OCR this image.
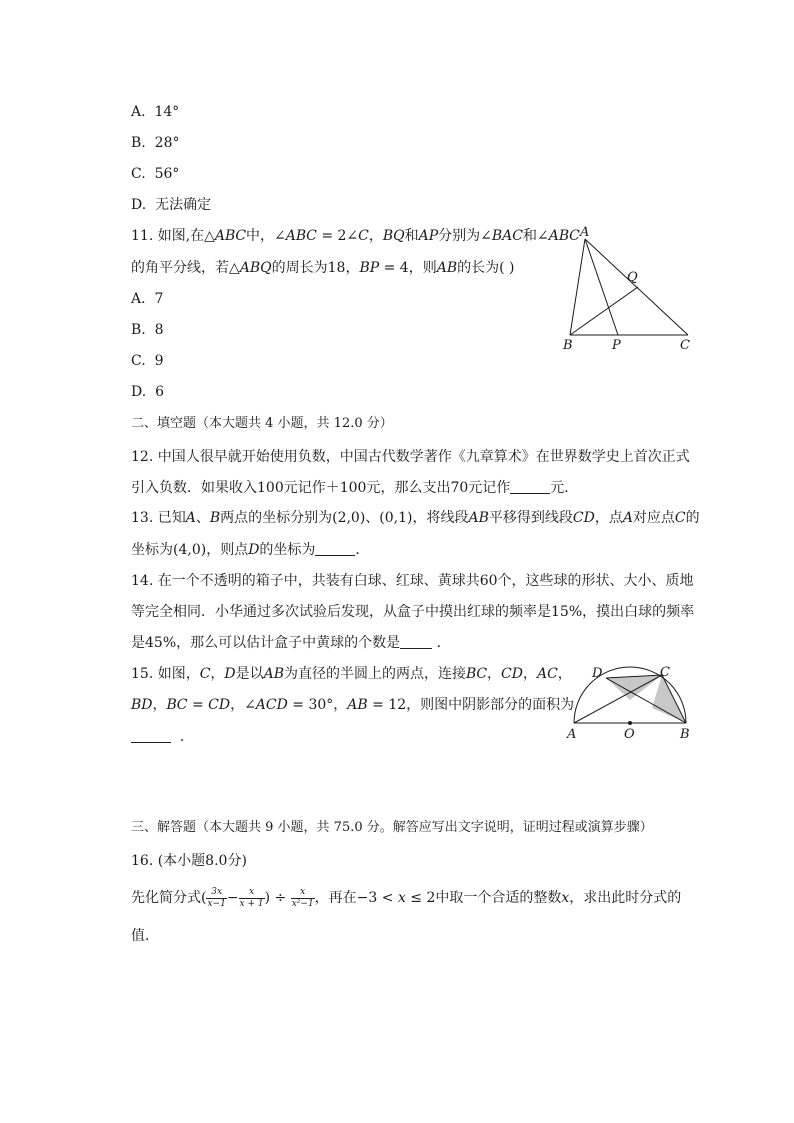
A. 14°
B. 28°
C. 56°
D. 无法确定
11. 如图,在△𝐴𝐵𝐶中，∠𝐴𝐵𝐶 = 2∠𝐶，𝐵𝑄和𝐴𝑃分别为∠𝐵𝐴𝐶和∠𝐴𝐵𝐶
的角平分线，若△𝐴𝐵𝑄的周长为18，𝐵𝑃 = 4，则𝐴𝐵的长为( )
A. 7
B. 8
C. 9
D. 6
A
B	P	C
Q
二、填空题（本大题共 4 小题，共 12.0 分）
12. 中国人很早就开始使用负数，中国古代数学著作《九章算术》在世界数学史上首次正式
引入负数．如果收入100元记作＋100元，那么支出70元记作	元．
13. 已知𝐴、𝐵两点的坐标分别为(2,0)、(0,1)，将线段𝐴𝐵平移得到线段𝐶𝐷，点𝐴对应点𝐶的
坐标为(4,0)，则点𝐷的坐标为	．
14. 在一个不透明的箱子中，共装有白球、红球、黄球共60个，这些球的形状、大小、质地
等完全相同．小华通过多次试验后发现，从盒子中摸出红球的频率是15%，摸出白球的频率
是45%，那么可以估计盒子中黄球的个数是	．
15. 如图，𝐶，𝐷是以𝐴𝐵为直径的半圆上的两点，连接𝐵𝐶，𝐶𝐷，𝐴𝐶，
𝐵𝐷，𝐵𝐶 = 𝐶𝐷，∠𝐴𝐶𝐷 = 30°，𝐴𝐵 = 12，则图中阴影部分的面积为
．
D	C
A	O	B
三、解答题（本大题共 9 小题，共 75.0 分。解答应写出文字说明，证明过程或演算步骤）
16. (本小题8.0分)
先化简分式( $\frac{3x}{x-1} - \frac{x}{x + 1}$ ) ÷ $\frac{x}{\text{x²−1}}$ ，再在−3 < 𝑥 ≤ 2中取一个合适的整数𝑥，求出此时分式的
值．
